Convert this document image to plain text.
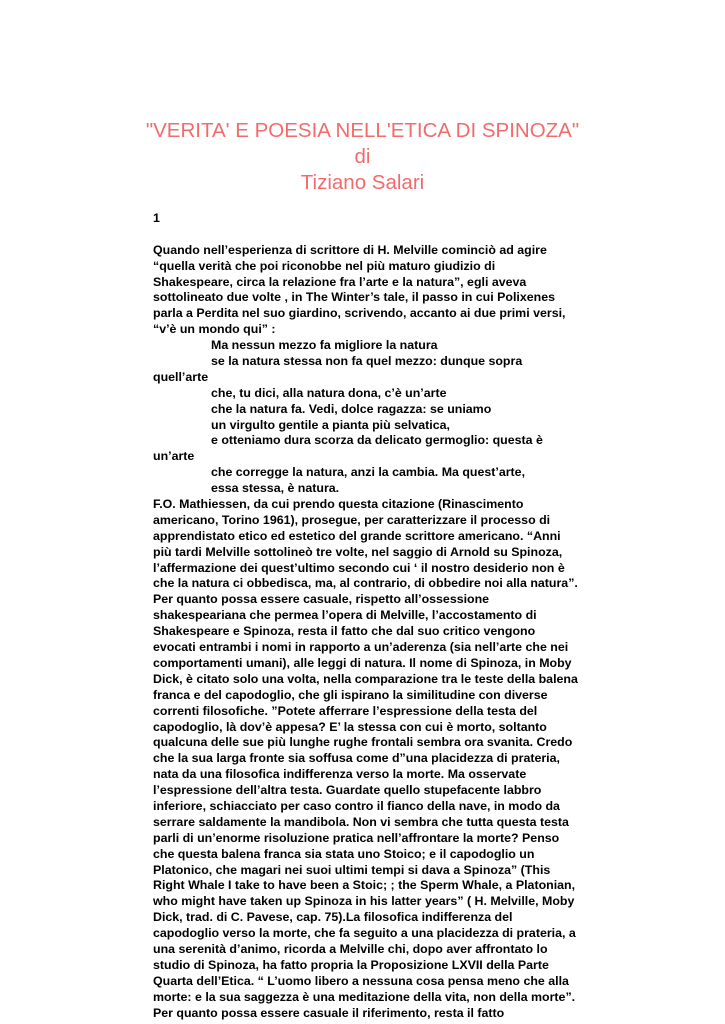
"VERITA' E POESIA NELL'ETICA DI SPINOZA"
di
Tiziano Salari
1
Quando nell’esperienza di scrittore di H. Melville cominciò ad agire
“quella verità che poi riconobbe nel più maturo giudizio di
Shakespeare, circa la relazione fra l’arte e la natura”, egli aveva
sottolineato due volte , in The Winter’s tale, il passo in cui Polixenes
parla a Perdita nel suo giardino, scrivendo, accanto ai due primi versi,
“v’è un mondo qui” :
Ma nessun mezzo fa migliore la natura
se la natura stessa non fa quel mezzo: dunque sopra
quell’arte
che, tu dici, alla natura dona, c’è un’arte
che la natura fa. Vedi, dolce ragazza: se uniamo
un virgulto gentile a pianta più selvatica,
e otteniamo dura scorza da delicato germoglio: questa è
un’arte
che corregge la natura, anzi la cambia. Ma quest’arte,
essa stessa, è natura.
F.O. Mathiessen, da cui prendo questa citazione (Rinascimento
americano, Torino 1961), prosegue, per caratterizzare il processo di
apprendistato etico ed estetico del grande scrittore americano. “Anni
più tardi Melville sottolineò tre volte, nel saggio di Arnold su Spinoza,
l’affermazione dei quest’ultimo secondo cui ‘ il nostro desiderio non è
che la natura ci obbedisca, ma, al contrario, di obbedire noi alla natura”.
Per quanto possa essere casuale, rispetto all’ossessione
shakespeariana che permea l’opera di Melville, l’accostamento di
Shakespeare e Spinoza, resta il fatto che dal suo critico vengono
evocati entrambi i nomi in rapporto a un’aderenza (sia nell’arte che nei
comportamenti umani), alle leggi di natura. Il nome di Spinoza, in Moby
Dick, è citato solo una volta, nella comparazione tra le teste della balena
franca e del capodoglio, che gli ispirano la similitudine con diverse
correnti filosofiche. ”Potete afferrare l’espressione della testa del
capodoglio, là dov’è appesa? E’ la stessa con cui è morto, soltanto
qualcuna delle sue più lunghe rughe frontali sembra ora svanita. Credo
che la sua larga fronte sia soffusa come d”una placidezza di prateria,
nata da una filosofica indifferenza verso la morte. Ma osservate
l’espressione dell’altra testa. Guardate quello stupefacente labbro
inferiore, schiacciato per caso contro il fianco della nave, in modo da
serrare saldamente la mandibola. Non vi sembra che tutta questa testa
parli di un’enorme risoluzione pratica nell’affrontare la morte? Penso
che questa balena franca sia stata uno Stoico; e il capodoglio un
Platonico, che magari nei suoi ultimi tempi si dava a Spinoza” (This
Right Whale I take to have been a Stoic; ; the Sperm Whale, a Platonian,
who might have taken up Spinoza in his latter years” ( H. Melville, Moby
Dick, trad. di C. Pavese, cap. 75).La filosofica indifferenza del
capodoglio verso la morte, che fa seguito a una placidezza di prateria, a
una serenità d’animo, ricorda a Melville chi, dopo aver affrontato lo
studio di Spinoza, ha fatto propria la Proposizione LXVII della Parte
Quarta dell’Etica. “ L’uomo libero a nessuna cosa pensa meno che alla
morte: e la sua saggezza è una meditazione della vita, non della morte”.
Per quanto possa essere casuale il riferimento, resta il fatto
